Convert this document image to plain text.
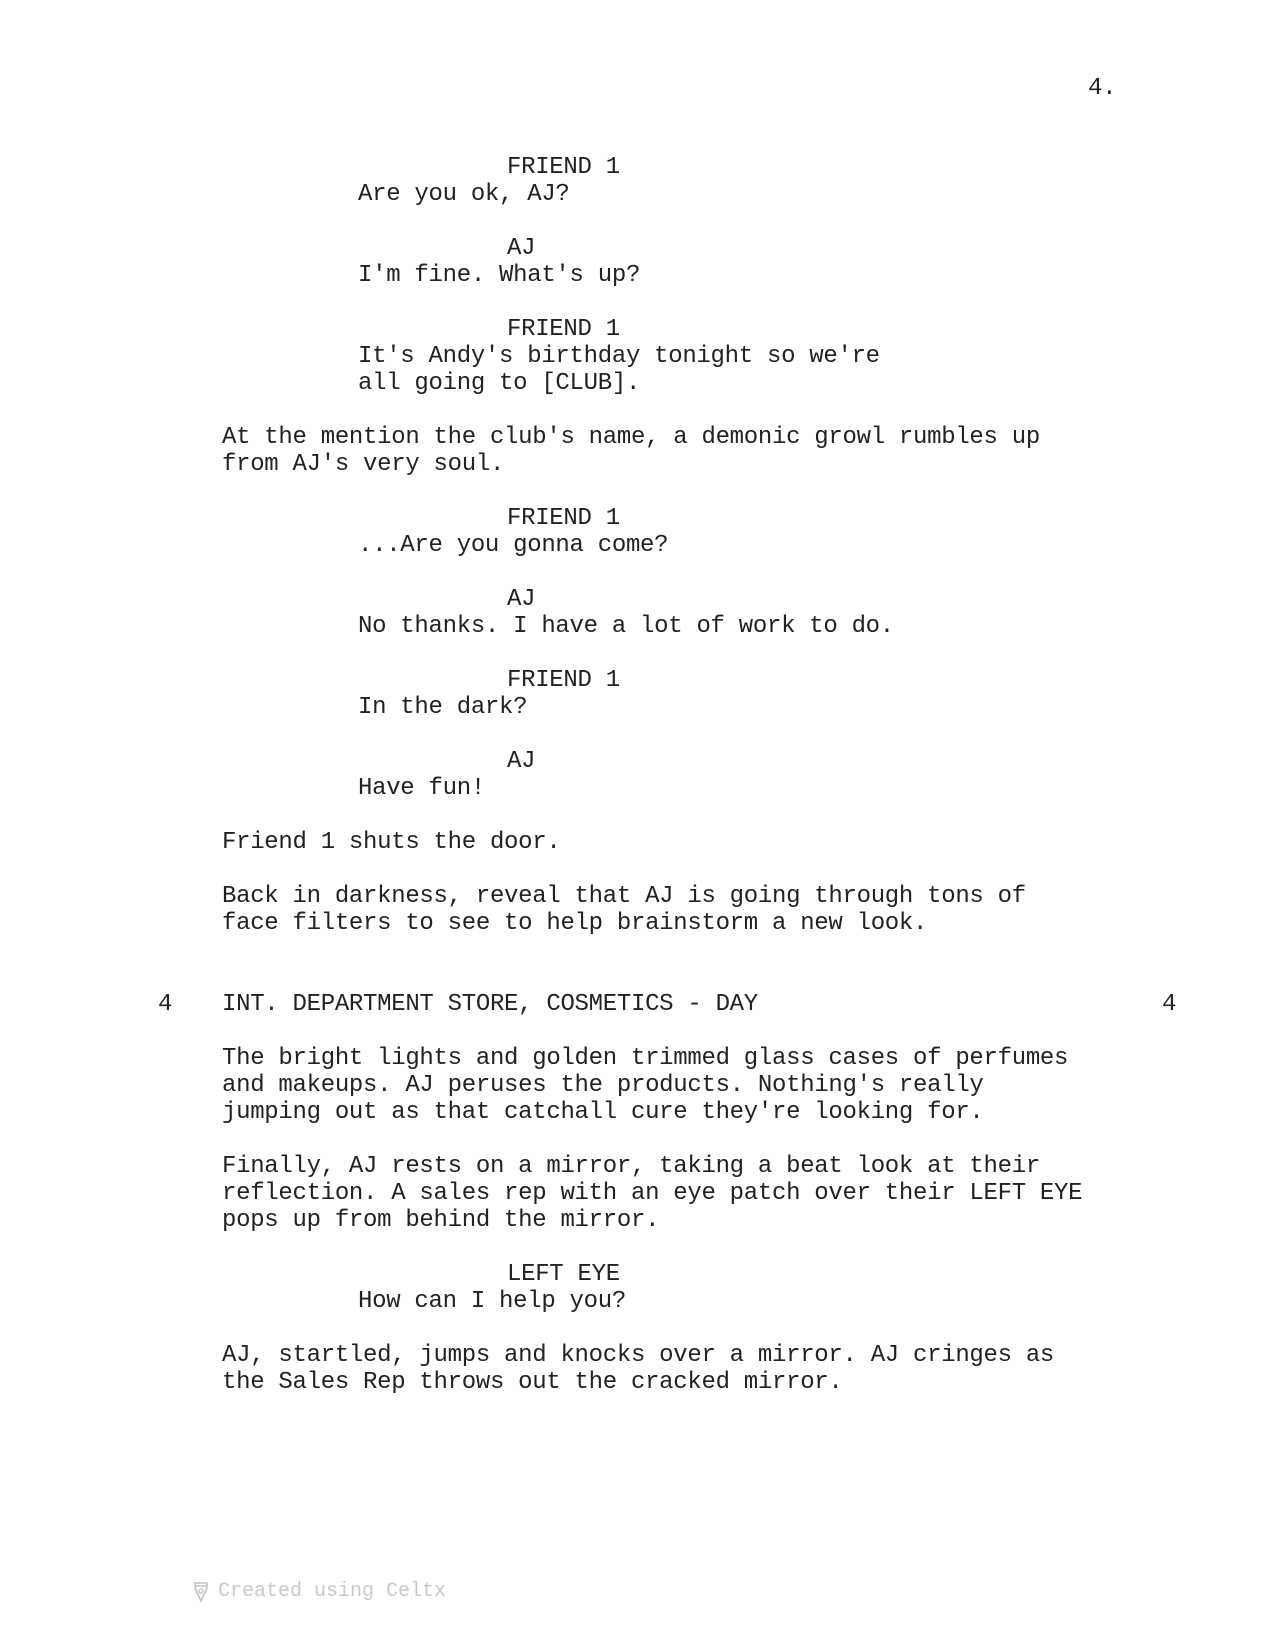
4.
FRIEND 1
Are you ok, AJ?
AJ
I'm fine. What's up?
FRIEND 1
It's Andy's birthday tonight so we're
all going to [CLUB].
At the mention the club's name, a demonic growl rumbles up
from AJ's very soul.
FRIEND 1
...Are you gonna come?
AJ
No thanks. I have a lot of work to do.
FRIEND 1
In the dark?
AJ
Have fun!
Friend 1 shuts the door.
Back in darkness, reveal that AJ is going through tons of
face filters to see to help brainstorm a new look.
4 INT. DEPARTMENT STORE, COSMETICS - DAY	4
The bright lights and golden trimmed glass cases of perfumes
and makeups. AJ peruses the products. Nothing's really
jumping out as that catchall cure they're looking for.
Finally, AJ rests on a mirror, taking a beat look at their
reflection. A sales rep with an eye patch over their LEFT EYE
pops up from behind the mirror.
LEFT EYE
How can I help you?
AJ, startled, jumps and knocks over a mirror. AJ cringes as
the Sales Rep throws out the cracked mirror.
Created using Celtx
